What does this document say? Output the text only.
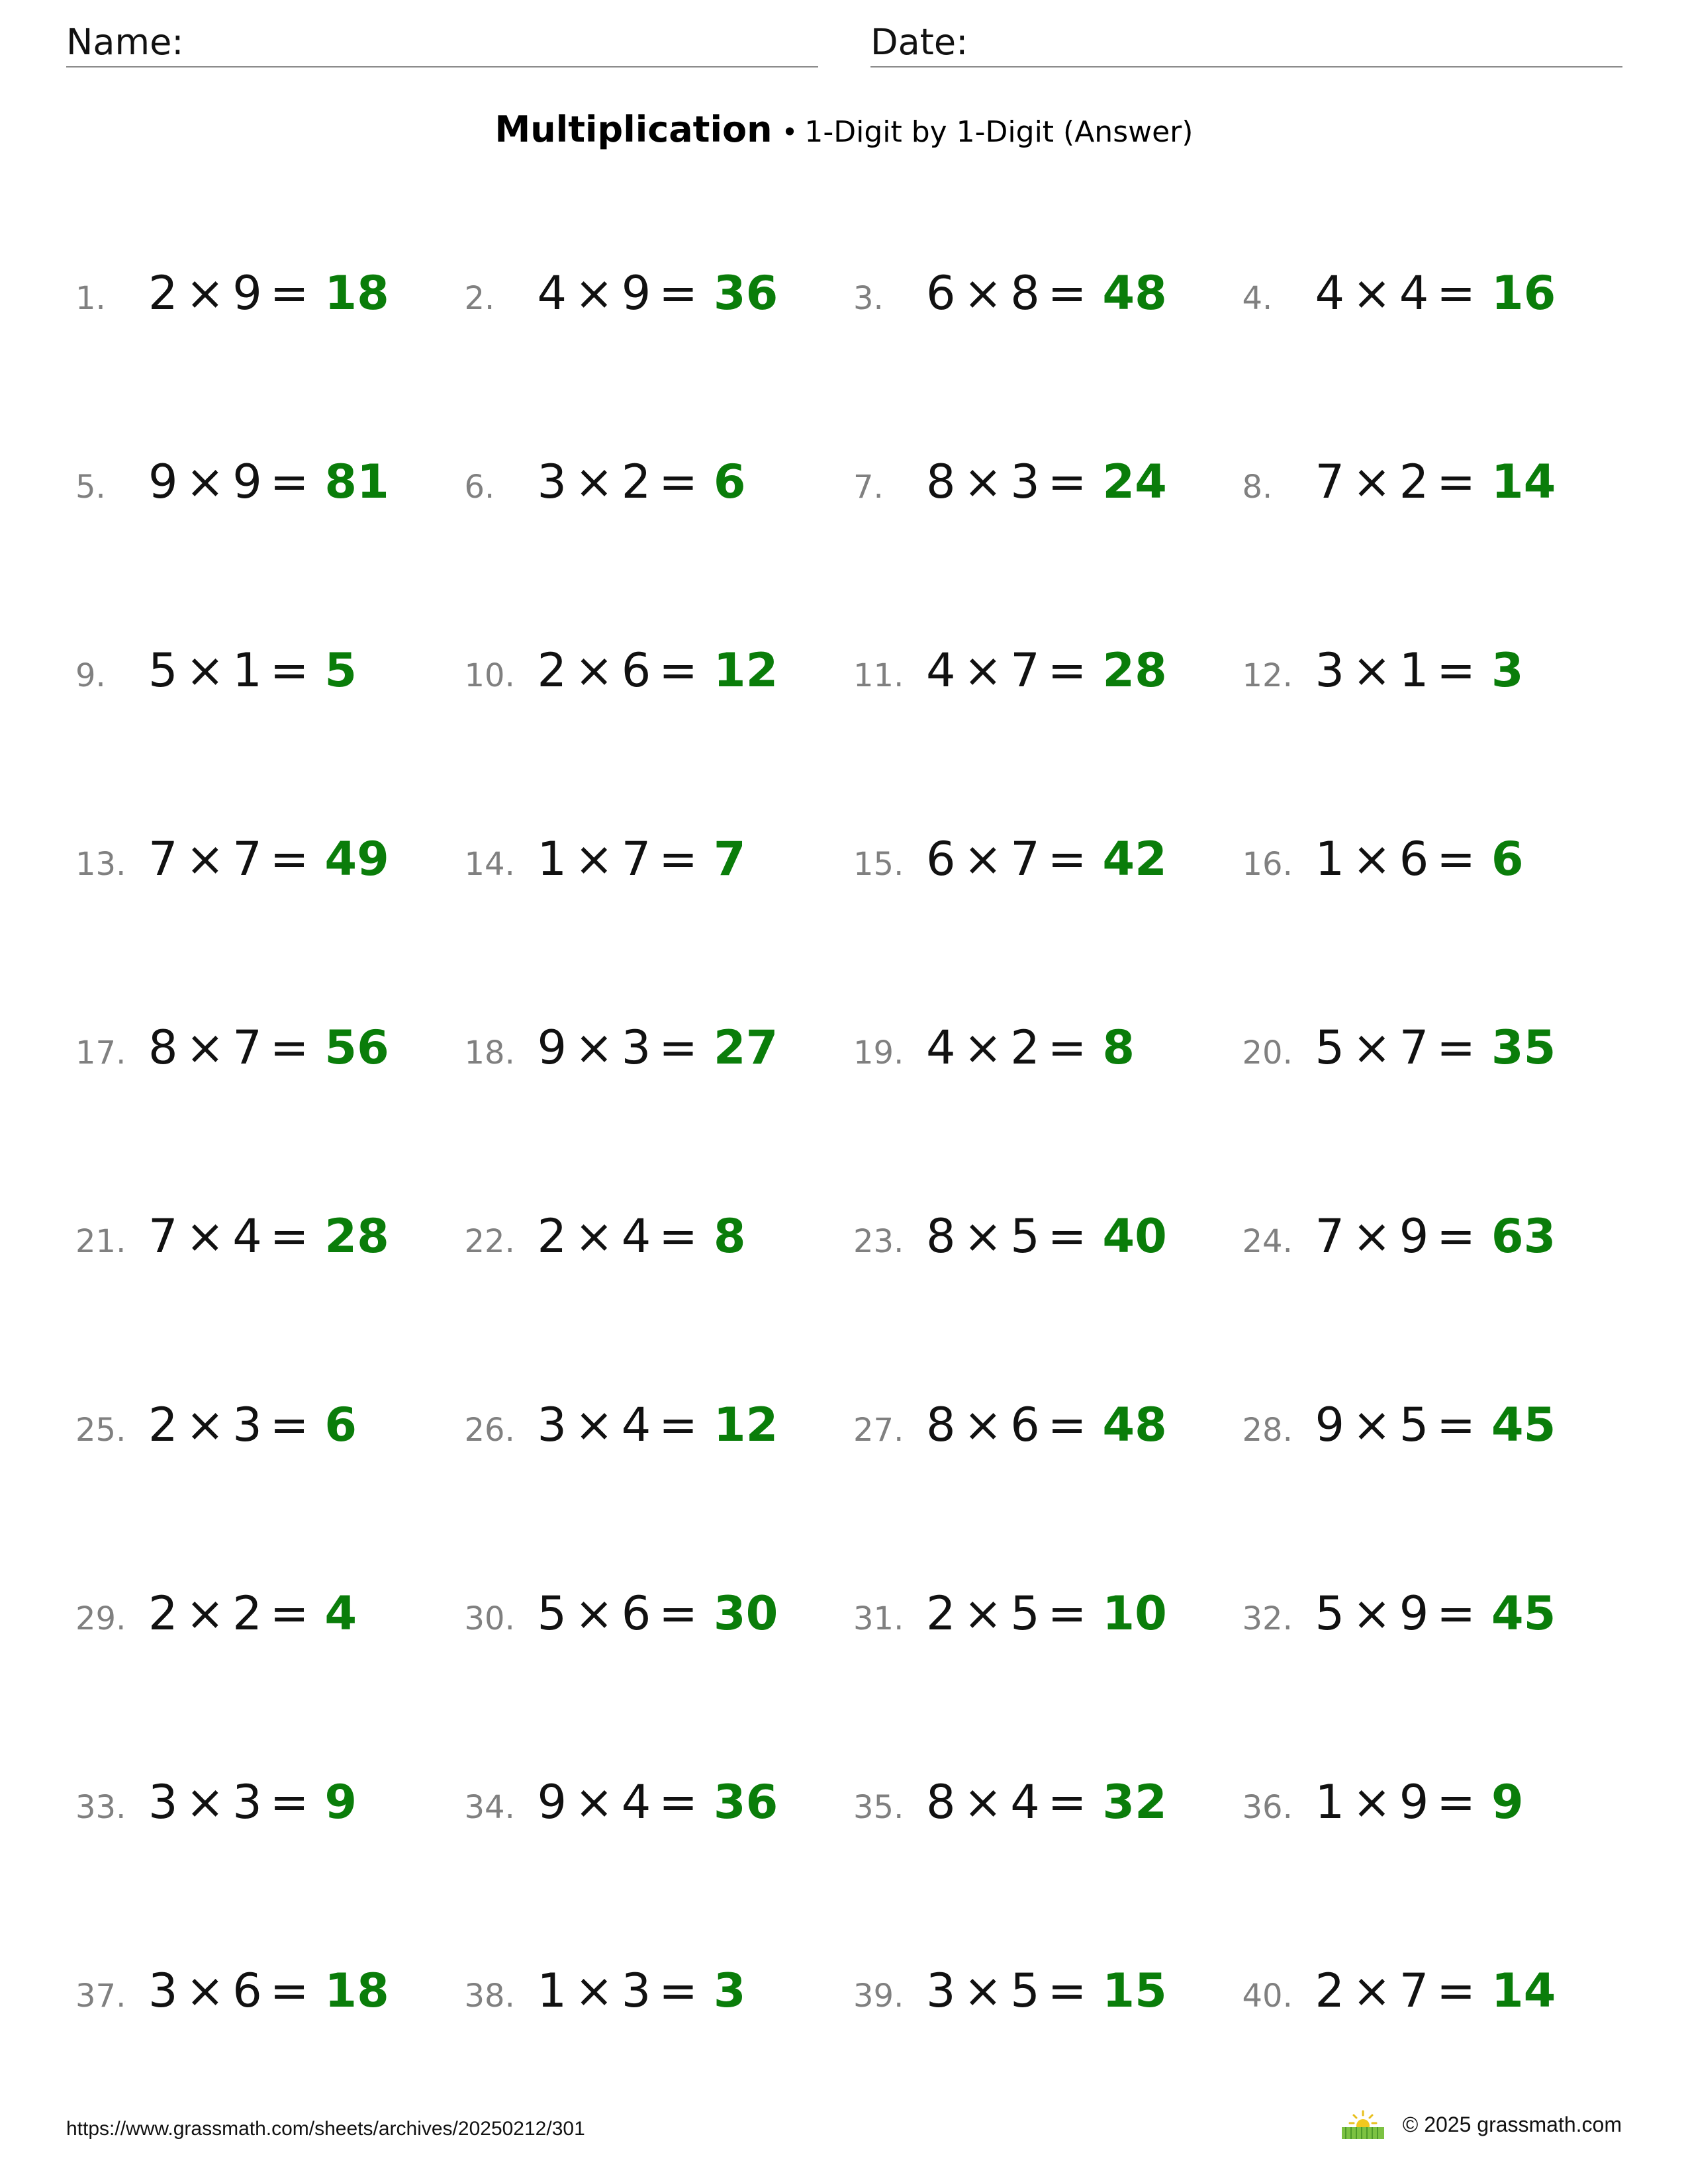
Name:	Date:
Multiplication • 1-Digit by 1-Digit (Answer)
1. 2 × 9 = 18 2. 4 × 9 = 36 3. 6 × 8 = 48 4. 4 × 4 = 16
5. 9 × 9 = 81 6. 3 × 2 = 6	7. 8 × 3 = 24 8. 7 × 2 = 14
9. 5 × 1 = 5	10. 2 × 6 = 12 11. 4 × 7 = 28 12. 3 × 1 = 3
13. 7 × 7 = 49 14. 1 × 7 = 7	15. 6 × 7 = 42 16. 1 × 6 = 6
17. 8 × 7 = 56 18. 9 × 3 = 27 19. 4 × 2 = 8	20. 5 × 7 = 35
21. 7 × 4 = 28 22. 2 × 4 = 8	23. 8 × 5 = 40 24. 7 × 9 = 63
25. 2 × 3 = 6	26. 3 × 4 = 12 27. 8 × 6 = 48 28. 9 × 5 = 45
29. 2 × 2 = 4	30. 5 × 6 = 30 31. 2 × 5 = 10 32. 5 × 9 = 45
33. 3 × 3 = 9	34. 9 × 4 = 36 35. 8 × 4 = 32 36. 1 × 9 = 9
37. 3 × 6 = 18 38. 1 × 3 = 3	39. 3 × 5 = 15 40. 2 × 7 = 14
https://www.grassmath.com/sheets/archives/20250212/301	© 2025 grassmath.com
